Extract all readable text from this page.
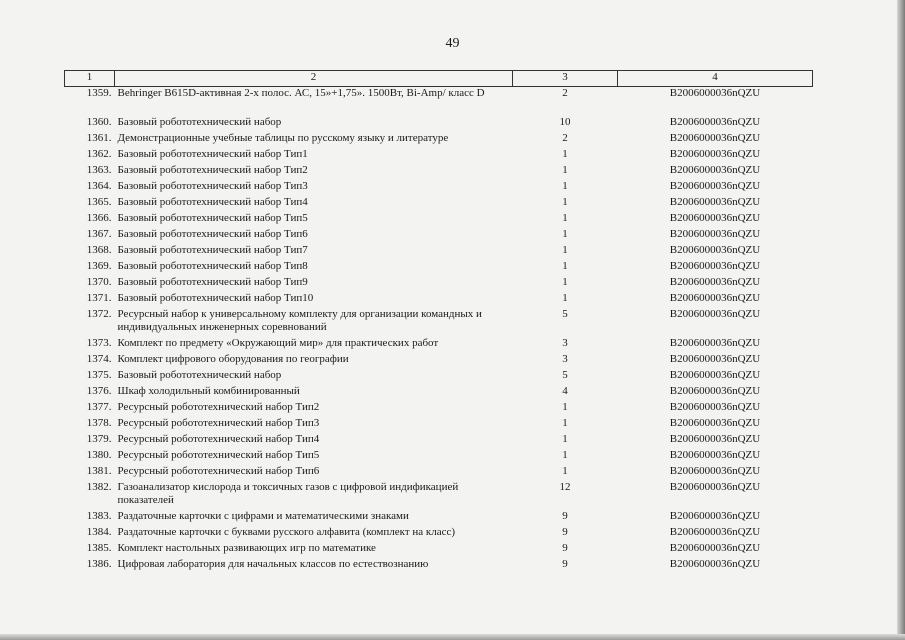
49
1	2	3	4
1359.	Behringer B615D-активная 2-х полос. АС, 15»+1,75». 1500Вт, Bi-Amp/ класс D	2	B2006000036nQZU
1360.	Базовый робототехнический набор	10	B2006000036nQZU
1361.	Демонстрационные учебные таблицы по русскому языку и литературе	2	B2006000036nQZU
1362.	Базовый робототехнический набор Тип1	1	B2006000036nQZU
1363.	Базовый робототехнический набор Тип2	1	B2006000036nQZU
1364.	Базовый робототехнический набор Тип3	1	B2006000036nQZU
1365.	Базовый робототехнический набор Тип4	1	B2006000036nQZU
1366.	Базовый робототехнический набор Тип5	1	B2006000036nQZU
1367.	Базовый робототехнический набор Тип6	1	B2006000036nQZU
1368.	Базовый робототехнический набор Тип7	1	B2006000036nQZU
1369.	Базовый робототехнический набор Тип8	1	B2006000036nQZU
1370.	Базовый робототехнический набор Тип9	1	B2006000036nQZU
1371.	Базовый робототехнический набор Тип10	1	B2006000036nQZU
1372.	Ресурсный набор к универсальному комплекту для организации командных и индивидуальных инженерных соревнований	5	B2006000036nQZU
1373.	Комплект по предмету «Окружающий мир» для практических работ	3	B2006000036nQZU
1374.	Комплект цифрового оборудования по географии	3	B2006000036nQZU
1375.	Базовый робототехнический набор	5	B2006000036nQZU
1376.	Шкаф холодильный комбинированный	4	B2006000036nQZU
1377.	Ресурсный робототехнический набор Тип2	1	B2006000036nQZU
1378.	Ресурсный робототехнический набор Тип3	1	B2006000036nQZU
1379.	Ресурсный робототехнический набор Тип4	1	B2006000036nQZU
1380.	Ресурсный робототехнический набор Тип5	1	B2006000036nQZU
1381.	Ресурсный робототехнический набор Тип6	1	B2006000036nQZU
1382.	Газоанализатор кислорода и токсичных газов с цифровой индификацией показателей	12	B2006000036nQZU
1383.	Раздаточные карточки с цифрами и математическими знаками	9	B2006000036nQZU
1384.	Раздаточные карточки с буквами русского алфавита (комплект на класс)	9	B2006000036nQZU
1385.	Комплект настольных развивающих игр по математике	9	B2006000036nQZU
1386.	Цифровая лаборатория для начальных классов по естествознанию	9	B2006000036nQZU
